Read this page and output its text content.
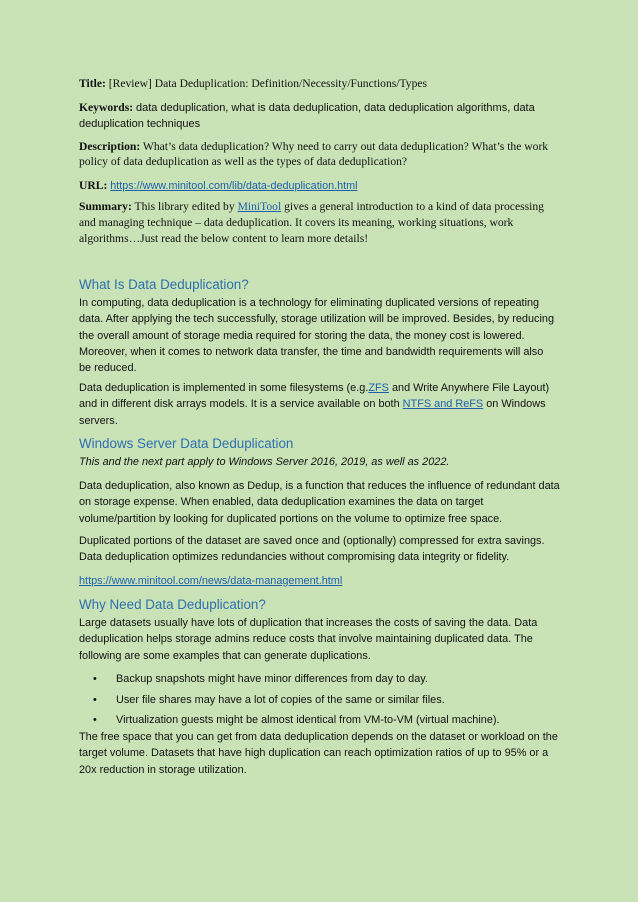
Title: [Review] Data Deduplication: Definition/Necessity/Functions/Types
Keywords: data deduplication, what is data deduplication, data deduplication algorithms, data
deduplication techniques
Description: What’s data deduplication? Why need to carry out data deduplication? What’s the work
policy of data deduplication as well as the types of data deduplication?
URL: https://www.minitool.com/lib/data-deduplication.html
Summary: This library edited by MiniTool gives a general introduction to a kind of data processing
and managing technique – data deduplication. It covers its meaning, working situations, work
algorithms…Just read the below content to learn more details!
What Is Data Deduplication?

In computing, data deduplication is a technology for eliminating duplicated versions of repeating
data. After applying the tech successfully, storage utilization will be improved. Besides, by reducing
the overall amount of storage media required for storing the data, the money cost is lowered.
Moreover, when it comes to network data transfer, the time and bandwidth requirements will also
be reduced.

Data deduplication is implemented in some filesystems (e.g.ZFS and Write Anywhere File Layout)
and in different disk arrays models. It is a service available on both NTFS and ReFS on Windows
servers.

Windows Server Data Deduplication

This and the next part apply to Windows Server 2016, 2019, as well as 2022.

Data deduplication, also known as Dedup, is a function that reduces the influence of redundant data
on storage expense. When enabled, data deduplication examines the data on target
volume/partition by looking for duplicated portions on the volume to optimize free space.

Duplicated portions of the dataset are saved once and (optionally) compressed for extra savings.
Data deduplication optimizes redundancies without compromising data integrity or fidelity.

https://www.minitool.com/news/data-management.html

Why Need Data Deduplication?

Large datasets usually have lots of duplication that increases the costs of saving the data. Data
deduplication helps storage admins reduce costs that involve maintaining duplicated data. The
following are some examples that can generate duplications.

• Backup snapshots might have minor differences from day to day.
• User file shares may have a lot of copies of the same or similar files.
• Virtualization guests might be almost identical from VM-to-VM (virtual machine).

The free space that you can get from data deduplication depends on the dataset or workload on the
target volume. Datasets that have high duplication can reach optimization ratios of up to 95% or a
20x reduction in storage utilization.
